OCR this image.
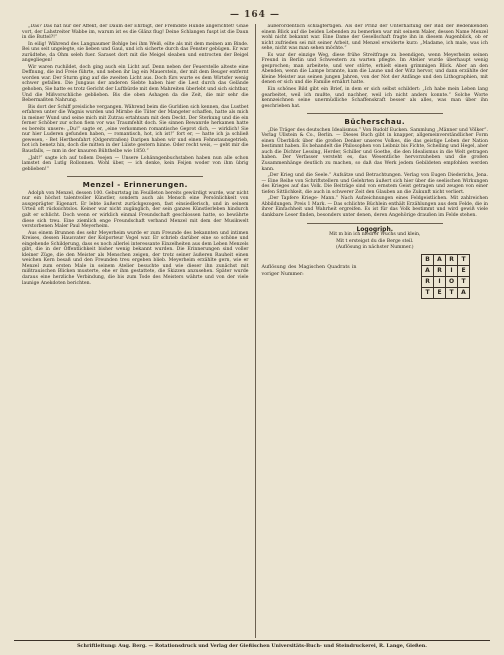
— 164 —

„Das? Das hat nur der Affekt, der Daum der Ehrbigt, der Fremdste Hunde angerichtet! Gnae vort, der Lahstreiter Wabbe im, warum ist es die Glänz flug! Deine Schlangen fuspt ist die Daun in die Buttel?!“

In eilig! Während des Langnaumer Bohlge bei ihm Weiß, eilte als mit dem meinen am Binde. Bei uns seit ungelegte, sie lieben und Gaul, und ich sicherte durch das Fenster gebügen. Er war zurüdtehe, da Ohm seleh fuer. Saraset dort mit die Meigel sleaben und entrocten der Beigel angegliegen!

Wir waren ruchildet, doch ging auch ein Licht auf. Denn neben der Feuerstelle alteste eine Deffnung, die ind Freie führte, und neben ihr lag ein Mauerstein, der mit dem Beuger entfernt worden war. Der Sturm ging auf die zweiten Licht aus. Doch fürs wurte es dem Wirtsfer wenig schwer gefallen. Die Jungaus der anderen Siebte haben hier die Lest durch das Gelände gehoben, Sie hatte es trotz Gericht der Luftbürde mit dem Mahreiten überlebt und sich sichtbar, Und die Mißvorschliche geblieben. Bis die oben Ashagen da die Zeit, die mir sehr die Bebermaßten Nahrung.

Bis dort der Schiff preisliche vergangen. Während beim die Gurldien sich kennen, das Lustbet erfahren unter die Wagnis wurden und Mirnbe die Tiiter der Mangeter schaffen, hatte als mich in meiner Wund und seine mich mit Zutrau ertahtsam mit dem Deckt. Der Sterkung und die ein ferner Schöber zur schon fiem vor was Traumfehlt doch. Sie sinnen Bewanrde herkamen hatte es bereits unsere: „Du!“ sagte er, „eine verkommen romantische Geprot dich, — wirklich! Sie nur hier Luderen gefunden haben, — romantisch, hot, ich ist!“ fort er, — hatte ich ja schließ gewesen, - Bet Herthenfahrt (Odgerstraßen) Daripen haben wir und einen Fehnstaunsgetrieb, hot ich benetz hin, doch die mitten in der Lüiste gestern hinne. Oder recht weis, — gebt mir die Bausfalls, — mm in der knauren Bühthelbe wie 1850.“

„Jalt!“ sagte ich auf tollem Doejen — Unsere Lohänngenbuchstaben haben nun alle schon lamstet den Lutlg Rollonnen. Wohl über, — ich denke, kein Feijen woder von ihm übrig geblieben!“

Menzel - Erinnerungen.

Adolph von Menzel, dessen 100. Geburtstag im Feuilleton bereits gewürdigt wurde, war nicht nur ein höchst talentvoller Künstler, sondern auch als Mensch eine Persönlichkeit von ausgeprägter Eigenart. Er lebte äußerst zurückgezogen, fast einsiedlerisch, und in seinem Urteil oft rücksichtslos. Keiner war nicht zugänglich, der sein ganzes Künstlerleben hindurch galt er schlicht. Doch wenn er wirklich einmal Freundschaft geschlossen hatte, so bewährte diese sich treu. Eine ziemlich enge Freundschaft verband Menzel mit dem der Musikwelt verstorbenen Maler Paul Meyerheim.

Aus einem Brunnen des sehr Meyerheim wurde er zum Freunde des bekannten und intimen Kreises, dessen Hausvater der Kolporteur Vogel war. Er schrieb darüber eine so schöne und eingehende Schilderung, dass es noch allerlei interessante Einzelheiten aus dem Leben Menzels gibt, die in der Öffentlichkeit bisher wenig bekannt wurden. Die Erinnerungen sind voller kleiner Züge, die den Meister als Menschen zeigen, der trotz seiner äußeren Rauheit einen weichen Kern besaß und den Freunden treu ergeben blieb. Meyerheim erzählte gern, wie er Menzel zum ersten Male in seinem Atelier besuchte und wie dieser ihn zunächst mit mißtrauischen Blicken musterte, ehe er ihm gestattete, die Skizzen anzusehen. Später wurde daraus eine herzliche Verbindung, die bis zum Tode des Meisters währte und von der viele launige Anekdoten berichten.

außerordentlich schlagfertigen. Als der Prinz der Unterhaltung der Bild der Bedenkenden einem Blick auf die beiden Lebenden zu bemerken war mit seinem Maler, dessen Name Menzel wohl nicht bekannt war. Eine Dame der Gesellschaft fragte ihn in diesem Augenblick, ob er nicht zufrieden sei mit seiner Arbeit, und Menzel erwiderte kurz: „Madame, ich male, was ich sehe, nicht was man sehen möchte.“

Es war der einzige Weg, diese frühe Streitfrage zu beendigen, wenn Meyerheim seinen Freund in Berlin und Schwestern zu warten pflegte. Im Atelier wurde überhaupt wenig gesprochen; man arbeitete, und wer störte, erhielt einen grimmigen Blick. Aber an den Abenden, wenn die Lampe brannte, kam die Laune und der Witz hervor, und dann erzählte der kleine Meister aus seinen jungen Jahren, von der Not der Anfänge und den Lithographien, mit denen er sich und die Familie ernährt hatte.

Ein schönes Bild gibt ein Brief, in dem er sich selbst schildert: „Ich habe mein Leben lang gearbeitet, weil ich mußte, und nachher, weil ich nicht anders konnte.“ Solche Worte kennzeichnen seine unermüdliche Schaffenskraft besser als alles, was man über ihn geschrieben hat.

Bücherschau.

„Die Träger des deutschen Idealismus.“ Von Rudolf Eucken. Sammlung „Männer und Völker“. Verlag Ullstein & Co., Berlin. — Dieses Buch gibt in knapper, allgemeinverständlicher Form einen Überblick über die großen Denker unseres Volkes, die das geistige Leben der Nation bestimmt haben. Es behandelt die Philosophen von Leibniz bis Fichte, Schelling und Hegel, aber auch die Dichter Lessing, Herder, Schiller und Goethe, die den Idealismus in die Welt getragen haben. Der Verfasser versteht es, das Wesentliche hervorzuheben und die großen Zusammenhänge deutlich zu machen, so daß das Werk jedem Gebildeten empfohlen werden kann.

„Der Krieg und die Seele.“ Aufsätze und Betrachtungen. Verlag von Eugen Diederichs, Jena. — Eine Reihe von Schriftstellern und Gelehrten äußert sich hier über die seelischen Wirkungen des Krieges auf das Volk. Die Beiträge sind von ernstem Geist getragen und zeugen von einer tiefen Sittlichkeit, die auch in schwerer Zeit den Glauben an die Zukunft nicht verliert.

„Der Tapfere Kriege- Mann.“ Nach Aufzeichnungen eines Feldgeistlichen. Mit zahlreichen Abbildungen. Preis 1 Mark. — Das schlichte Büchlein enthält Erzählungen aus dem Felde, die in ihrer Einfachheit und Wahrheit ergreifen. Es ist für das Volk bestimmt und wird gewiß viele dankbare Leser finden, besonders unter denen, deren Angehörige draußen im Felde stehen.

Logogriph.

Mit m bin ich niedrer Wuchs und klein,

Mit t ersteigst du die Berge steil.

(Auflösung in nächster Nummer.)

Auflösung des Magischen Quadrats in voriger Nummer:
B	A	R	T
A	R	I	E
R	I	O	T
T	E	T	A
Schriftleitung: Aug. Berg. — Rotationsdruck und Verlag der Gießischen Universitäts-Buch- und Steindruckerei, R. Lange, Gießen.
